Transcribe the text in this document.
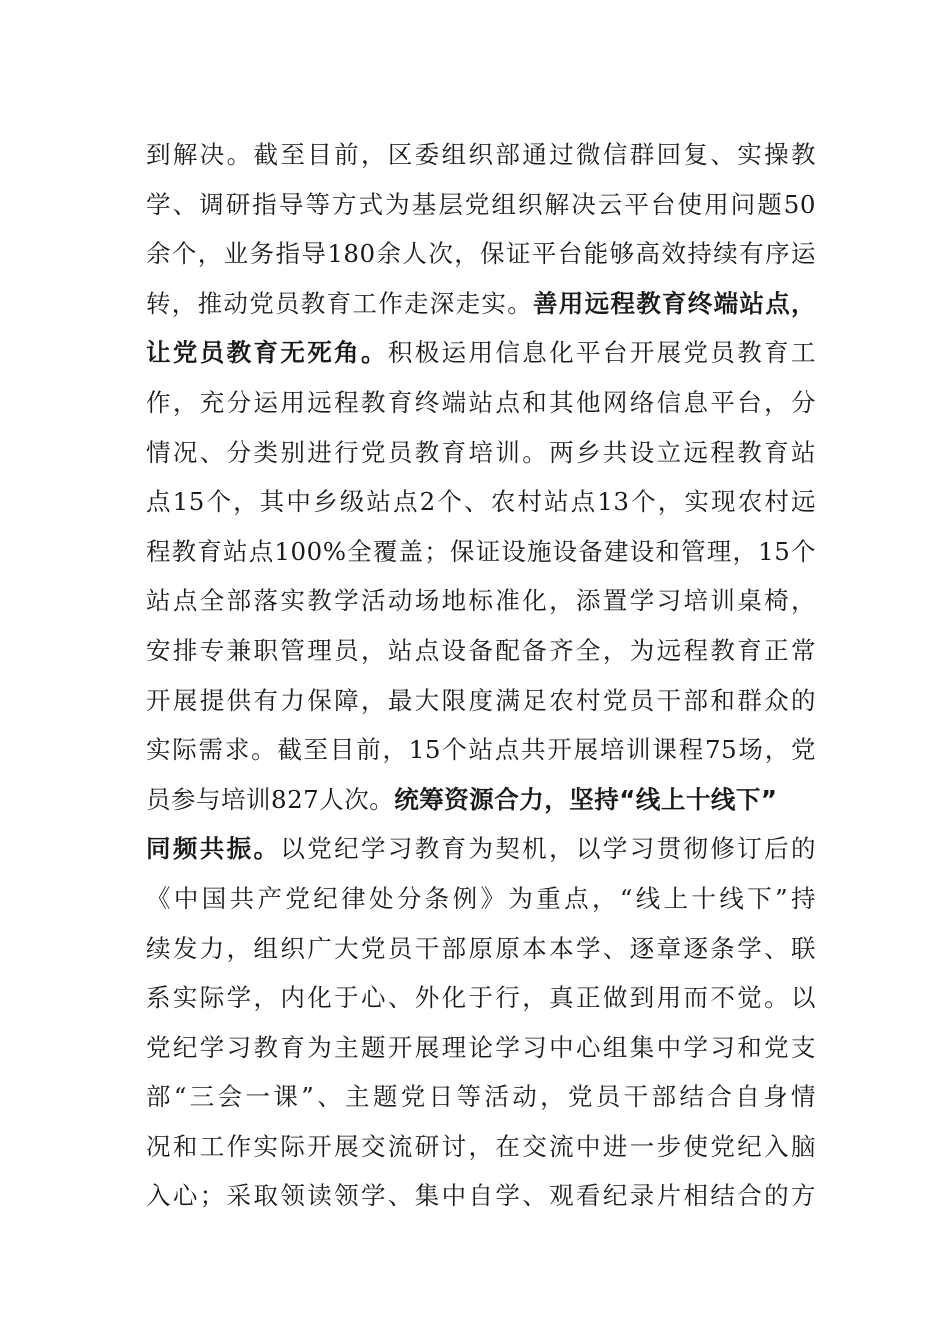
到解决。截至目前，区委组织部通过微信群回复、实操教
学、调研指导等方式为基层党组织解决云平台使用问题50
余个，业务指导180余人次，保证平台能够高效持续有序运
转，推动党员教育工作走深走实。善用远程教育终端站点，
让党员教育无死角。积极运用信息化平台开展党员教育工
作，充分运用远程教育终端站点和其他网络信息平台，分
情况、分类别进行党员教育培训。两乡共设立远程教育站
点15个，其中乡级站点2个、农村站点13个，实现农村远
程教育站点100%全覆盖；保证设施设备建设和管理，15个
站点全部落实教学活动场地标准化，添置学习培训桌椅，
安排专兼职管理员，站点设备配备齐全，为远程教育正常
开展提供有力保障，最大限度满足农村党员干部和群众的
实际需求。截至目前，15个站点共开展培训课程75场，党
员参与培训827人次。统筹资源合力，坚持“线上十线下”
同频共振。以党纪学习教育为契机，以学习贯彻修订后的
《中国共产党纪律处分条例》为重点，“线上十线下”持
续发力，组织广大党员干部原原本本学、逐章逐条学、联
系实际学，内化于心、外化于行，真正做到用而不觉。以
党纪学习教育为主题开展理论学习中心组集中学习和党支
部“三会一课”、主题党日等活动，党员干部结合自身情
况和工作实际开展交流研讨，在交流中进一步使党纪入脑
入心；采取领读领学、集中自学、观看纪录片相结合的方
